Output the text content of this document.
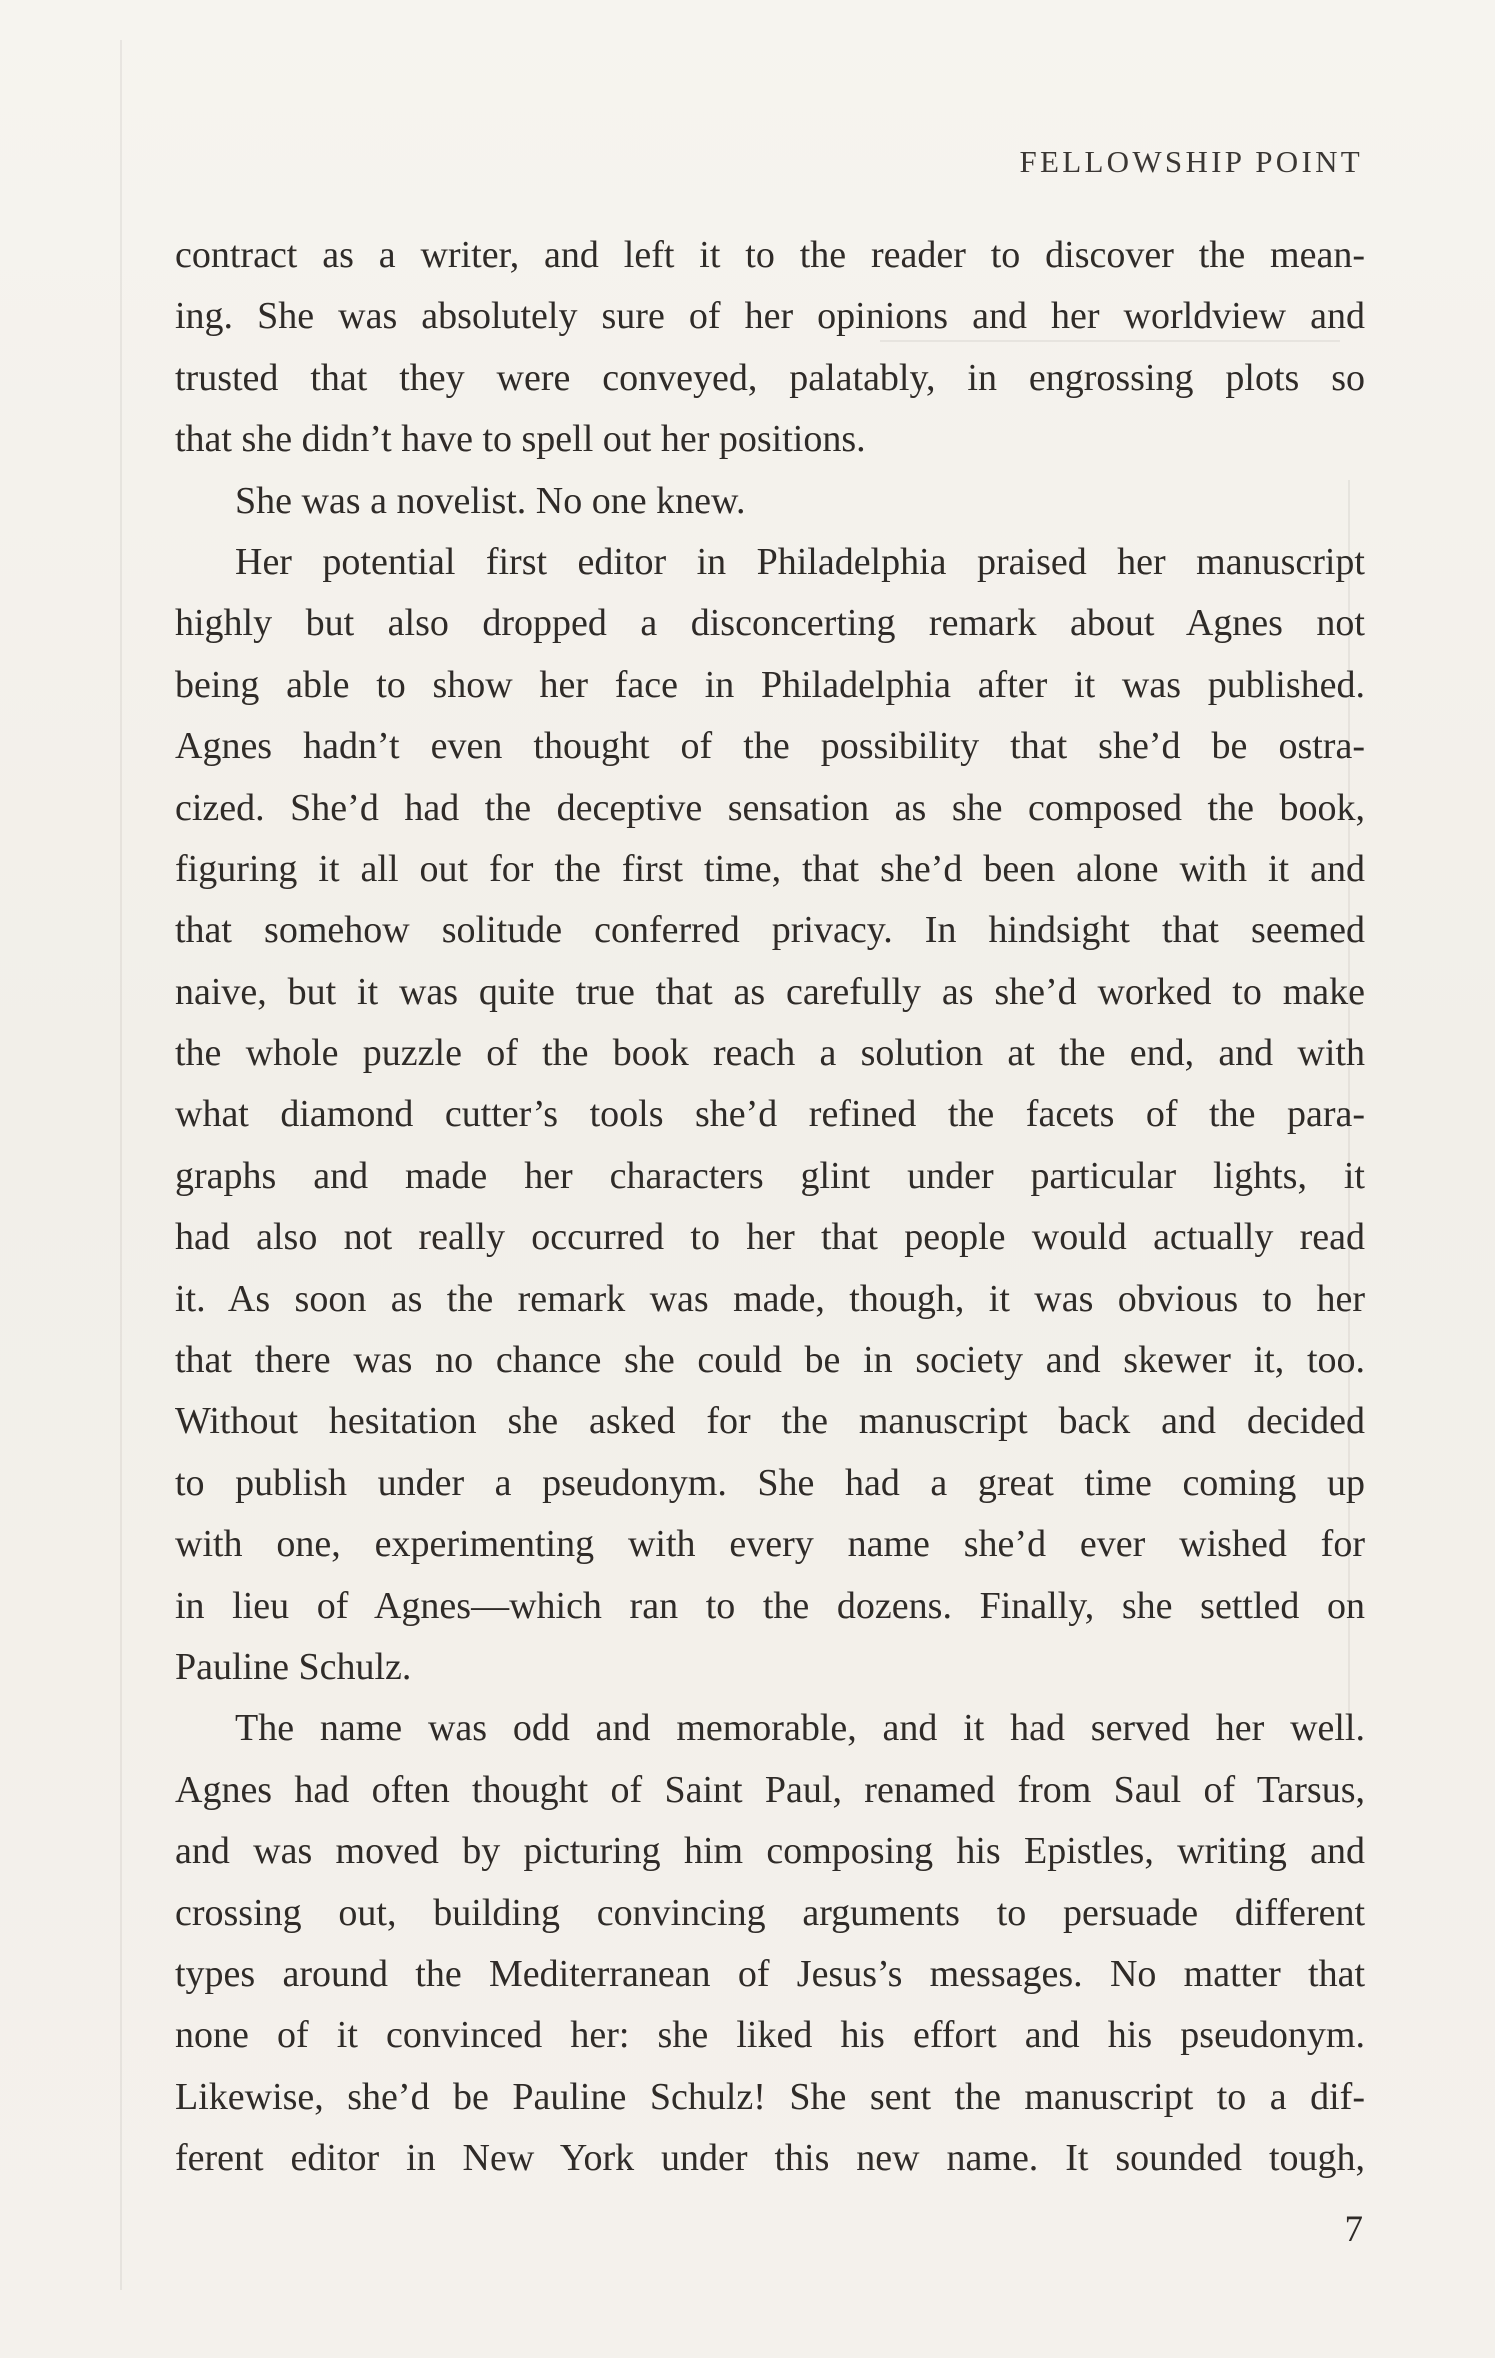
FELLOWSHIP POINT
contract as a writer, and left it to the reader to discover the mean-
ing. She was absolutely sure of her opinions and her worldview and
trusted that they were conveyed, palatably, in engrossing plots so
that she didn’t have to spell out her positions.
She was a novelist. No one knew.
Her potential first editor in Philadelphia praised her manuscript
highly but also dropped a disconcerting remark about Agnes not
being able to show her face in Philadelphia after it was published.
Agnes hadn’t even thought of the possibility that she’d be ostra-
cized. She’d had the deceptive sensation as she composed the book,
figuring it all out for the first time, that she’d been alone with it and
that somehow solitude conferred privacy. In hindsight that seemed
naive, but it was quite true that as carefully as she’d worked to make
the whole puzzle of the book reach a solution at the end, and with
what diamond cutter’s tools she’d refined the facets of the para-
graphs and made her characters glint under particular lights, it
had also not really occurred to her that people would actually read
it. As soon as the remark was made, though, it was obvious to her
that there was no chance she could be in society and skewer it, too.
Without hesitation she asked for the manuscript back and decided
to publish under a pseudonym. She had a great time coming up
with one, experimenting with every name she’d ever wished for
in lieu of Agnes—which ran to the dozens. Finally, she settled on
Pauline Schulz.
The name was odd and memorable, and it had served her well.
Agnes had often thought of Saint Paul, renamed from Saul of Tarsus,
and was moved by picturing him composing his Epistles, writing and
crossing out, building convincing arguments to persuade different
types around the Mediterranean of Jesus’s messages. No matter that
none of it convinced her: she liked his effort and his pseudonym.
Likewise, she’d be Pauline Schulz! She sent the manuscript to a dif-
ferent editor in New York under this new name. It sounded tough,
7
